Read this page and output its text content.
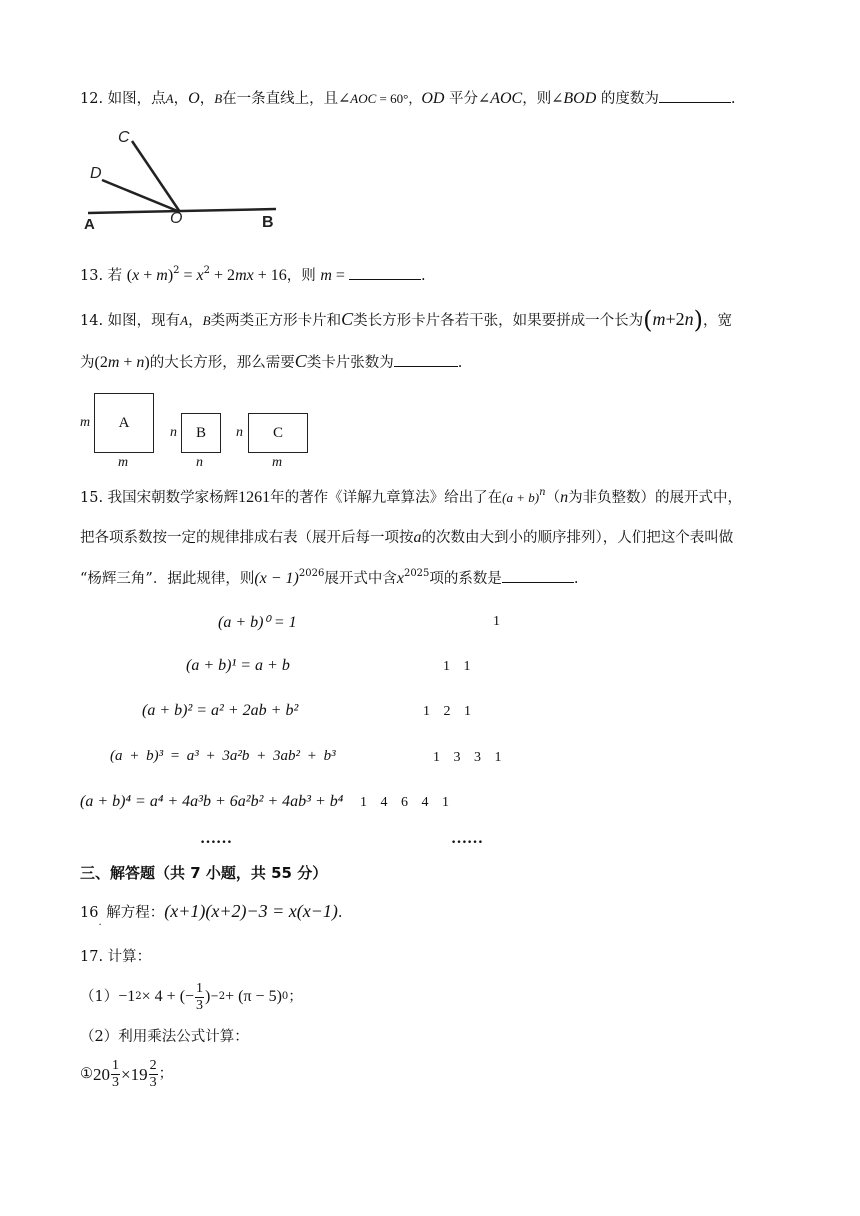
12. 如图，点A，O，B在一条直线上，且∠AOC = 60°，OD 平分∠AOC，则∠BOD 的度数为	.
C
D
A	O	B
13. 若 $(x + m)^2 = x^2 + 2mx + 16$，则 m =	.
14. 如图，现有A，B类两类正方形卡片和C类长方形卡片各若干张，如果要拼成一个长为(m+2n)，宽
为(2m + n)的大长方形，那么需要C类卡片张数为	.
m A
m
n B
n
n C
m
15. 我国宋朝数学家杨辉1261年的著作《详解九章算法》给出了在$(a + b)^n(n$为非负整数）的展开式中，
把各项系数按一定的规律排成右表（展开后每一项按a的次数由大到小的顺序排列），人们把这个表叫做
“杨辉三角”．据此规律，则$(x - 1)^{2026}$展开式中含$x^{2025}$项的系数是	.
(a + b)⁰ = 1	1
(a + b)¹ = a + b	1 1
(a + b)² = a² + 2ab + b²	1 2 1
(a + b)³ = a³ + 3a²b + 3ab² + b³	1 3 3 1
(a + b)⁴ = a⁴ + 4a³b + 6a²b² + 4ab³ + b⁴ 1 4 6 4 1
……	……
三、解答题（共 7 小题，共 55 分）
$16_.$ 解方程：(x+1)(x+2)−3 = x(x−1).
17. 计算：
（1） −1 2 × 4 + (− $\frac{1}{3}$ ) −2 + (π − 5) 0 ；
（2）利用乘法公式计算：
① $20 \frac{1}{3} \times 19 \frac{2}{3}$ ；
